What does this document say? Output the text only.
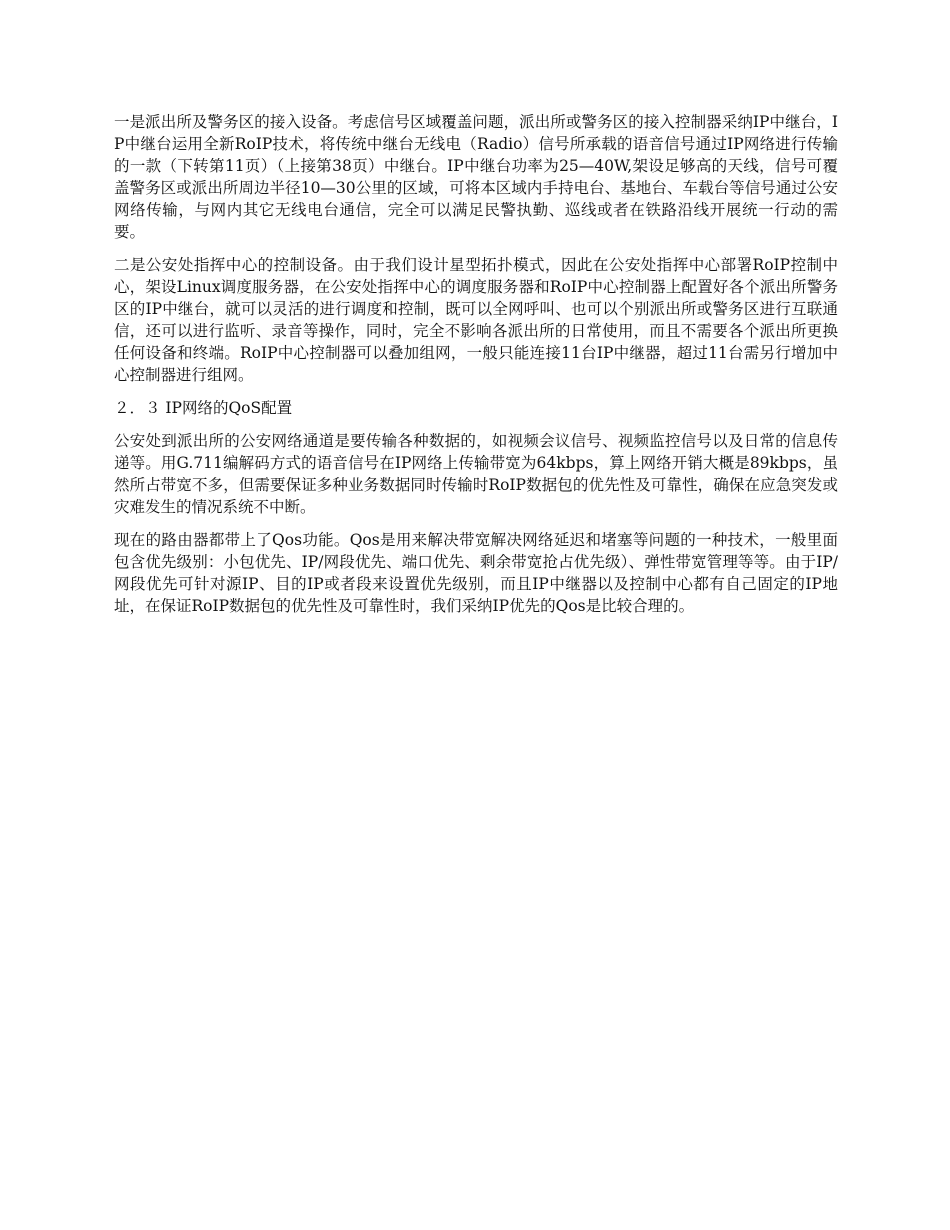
一是派出所及警务区的接入设备。考虑信号区域覆盖问题，派出所或警务区的接入控制器采纳IP中继台，IP中继台运用全新RoIP技术，将传统中继台无线电（Radio）信号所承载的语音信号通过IP网络进行传输的一款（下转第11页）（上接第38页）中继台。IP中继台功率为25—40W,架设足够高的天线，信号可覆盖警务区或派出所周边半径10—30公里的区域，可将本区域内手持电台、基地台、车载台等信号通过公安网络传输，与网内其它无线电台通信，完全可以满足民警执勤、巡线或者在铁路沿线开展统一行动的需要。

二是公安处指挥中心的控制设备。由于我们设计星型拓扑模式，因此在公安处指挥中心部署RoIP控制中心，架设Linux调度服务器，在公安处指挥中心的调度服务器和RoIP中心控制器上配置好各个派出所警务区的IP中继台，就可以灵活的进行调度和控制，既可以全网呼叫、也可以个别派出所或警务区进行互联通信，还可以进行监听、录音等操作，同时，完全不影响各派出所的日常使用，而且不需要各个派出所更换任何设备和终端。RoIP中心控制器可以叠加组网，一般只能连接11台IP中继器，超过11台需另行增加中心控制器进行组网。

２．３ IP网络的QoS配置

公安处到派出所的公安网络通道是要传输各种数据的，如视频会议信号、视频监控信号以及日常的信息传递等。用G.711编解码方式的语音信号在IP网络上传输带宽为64kbps，算上网络开销大概是89kbps，虽然所占带宽不多，但需要保证多种业务数据同时传输时RoIP数据包的优先性及可靠性，确保在应急突发或灾难发生的情况系统不中断。

现在的路由器都带上了Qos功能。Qos是用来解决带宽解决网络延迟和堵塞等问题的一种技术，一般里面包含优先级别：小包优先、IP/网段优先、端口优先、剩余带宽抢占优先级）、弹性带宽管理等等。由于IP/网段优先可针对源IP、目的IP或者段来设置优先级别，而且IP中继器以及控制中心都有自己固定的IP地址，在保证RoIP数据包的优先性及可靠性时，我们采纳IP优先的Qos是比较合理的。
